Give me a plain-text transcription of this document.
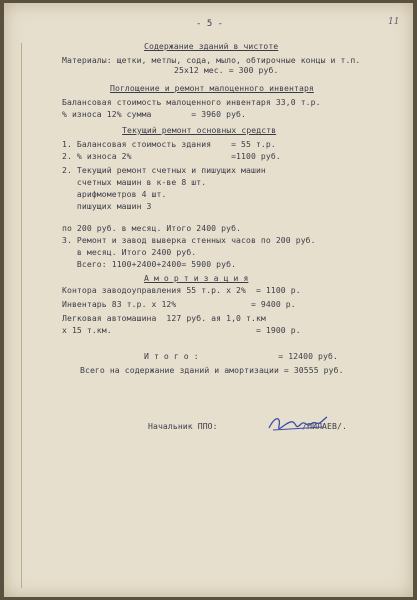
- 5 -	11
Содержание зданий в чистоте
Материалы: щетки, метлы, сода, мыло, обтирочные концы и т.п.
25x12 мес. = 300 руб.
Поглощение и ремонт малоценного инвентаря
Балансовая стоимость малоценного инвентаря 33,0 т.р.
% износа 12% сумма        = 3960 руб.
Текущий ремонт основных средств
1. Балансовая стоимость здания    = 55 т.р.
2. % износа 2%                    =1100 руб.
2. Текущий ремонт счетных и пишущих машин
счетных машин в к-ве 8 шт.
арифмометров 4 шт.
пишущих машин 3
по 200 руб. в месяц. Итого 2400 руб.
3. Ремонт и завод выверка стенных часов по 200 руб.
в месяц. Итого 2400 руб.
Всего: 1100+2400+2400= 5900 руб.
А м о р т и з а ц и я
Контора заводоуправления 55 т.р. х 2%  = 1100 р.
Инвентарь 83 т.р. х 12%               = 9400 р.
Легковая автомашина  127 руб. ая 1,0 т.км
х 15 т.км.                             = 1900 р.
И т о г о :                = 12400 руб.
Всего на содержание зданий и амортизации = 30555 руб.
Начальник ППО:                 /ПИЛАЕВ/.
